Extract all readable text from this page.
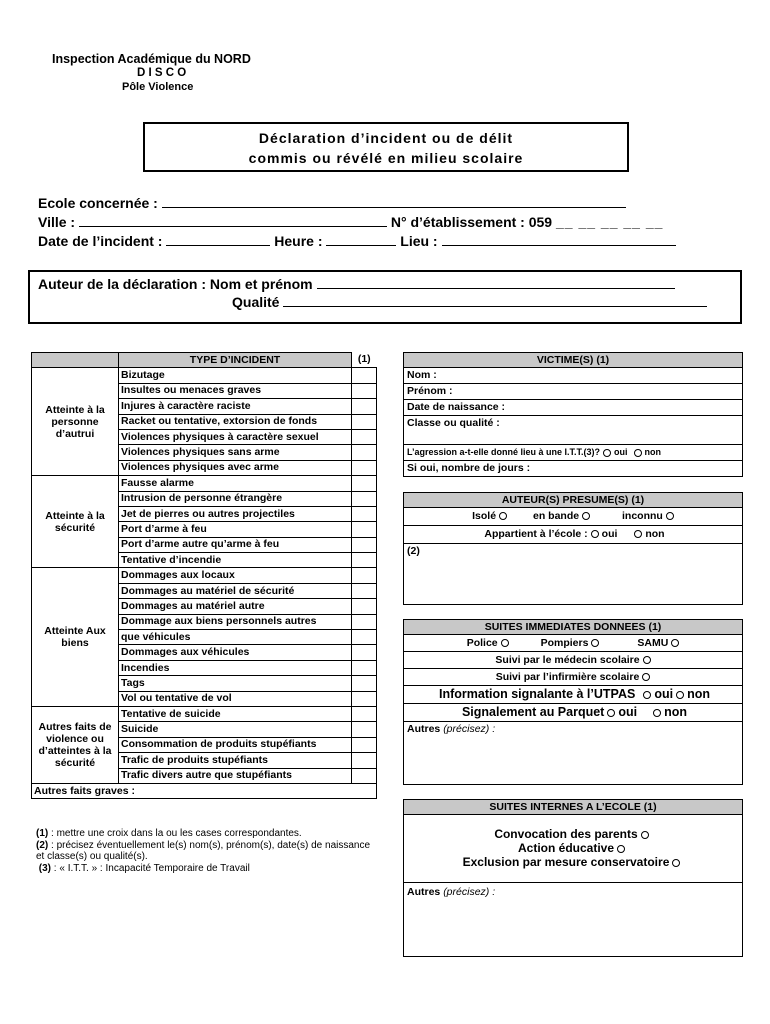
Inspection Académique du NORD
D I S C O
Pôle Violence
Déclaration d’incident ou de délit
commis ou révélé en milieu scolaire
Ecole concernée :
Ville :	N° d’établissement : 059 __ __ __ __ __
Date de l’incident :	Heure :	Lieu :
Auteur de la déclaration : Nom et prénom
Qualité
	TYPE D’INCIDENT	(1)
Atteinte à la personne d’autrui	Bizutage	
	Insultes ou menaces graves	
	Injures à caractère raciste	
	Racket ou tentative, extorsion de fonds	
	Violences physiques à caractère sexuel	
	Violences physiques sans arme	
	Violences physiques avec arme	
Atteinte à la sécurité	Fausse alarme	
	Intrusion de personne étrangère	
	Jet de pierres ou autres projectiles	
	Port d’arme à feu	
	Port d’arme autre qu’arme à feu	
	Tentative d’incendie	
Atteinte Aux biens	Dommages aux locaux	
	Dommages au matériel de sécurité	
	Dommages au matériel autre	
	Dommage aux biens personnels autres	
	que véhicules	
	Dommages aux véhicules	
	Incendies	
	Tags	
	Vol ou tentative de vol	
Autres faits de violence ou d’atteintes à la sécurité	Tentative de suicide	
	Suicide	
	Consommation de produits stupéfiants	
	Trafic de produits stupéfiants	
	Trafic divers autre que stupéfiants	
Autres faits graves :		
(1) : mettre une croix dans la ou les cases correspondantes.
(2) : précisez éventuellement le(s) nom(s), prénom(s), date(s) de naissance et classe(s) ou qualité(s).
(3) : « I.T.T. » : Incapacité Temporaire de Travail
VICTIME(S) (1)
Nom :
Prénom :
Date de naissance :
Classe ou qualité :
L’agression a-t-elle donné lieu à une I.T.T.(3)? oui non
Si oui, nombre de jours :
AUTEUR(S) PRESUME(S) (1)
Isolé	en bande	inconnu
Appartient à l’école : oui	non
(2)
SUITES IMMEDIATES DONNEES (1)
Police	Pompiers	SAMU
Suivi par le médecin scolaire
Suivi par l’infirmière scolaire
Information signalante à l’UTPAS oui non
Signalement au Parquet oui non
Autres (précisez) :
SUITES INTERNES A L’ECOLE (1)
Convocation des parents
Action éducative
Exclusion par mesure conservatoire
Autres (précisez) :
